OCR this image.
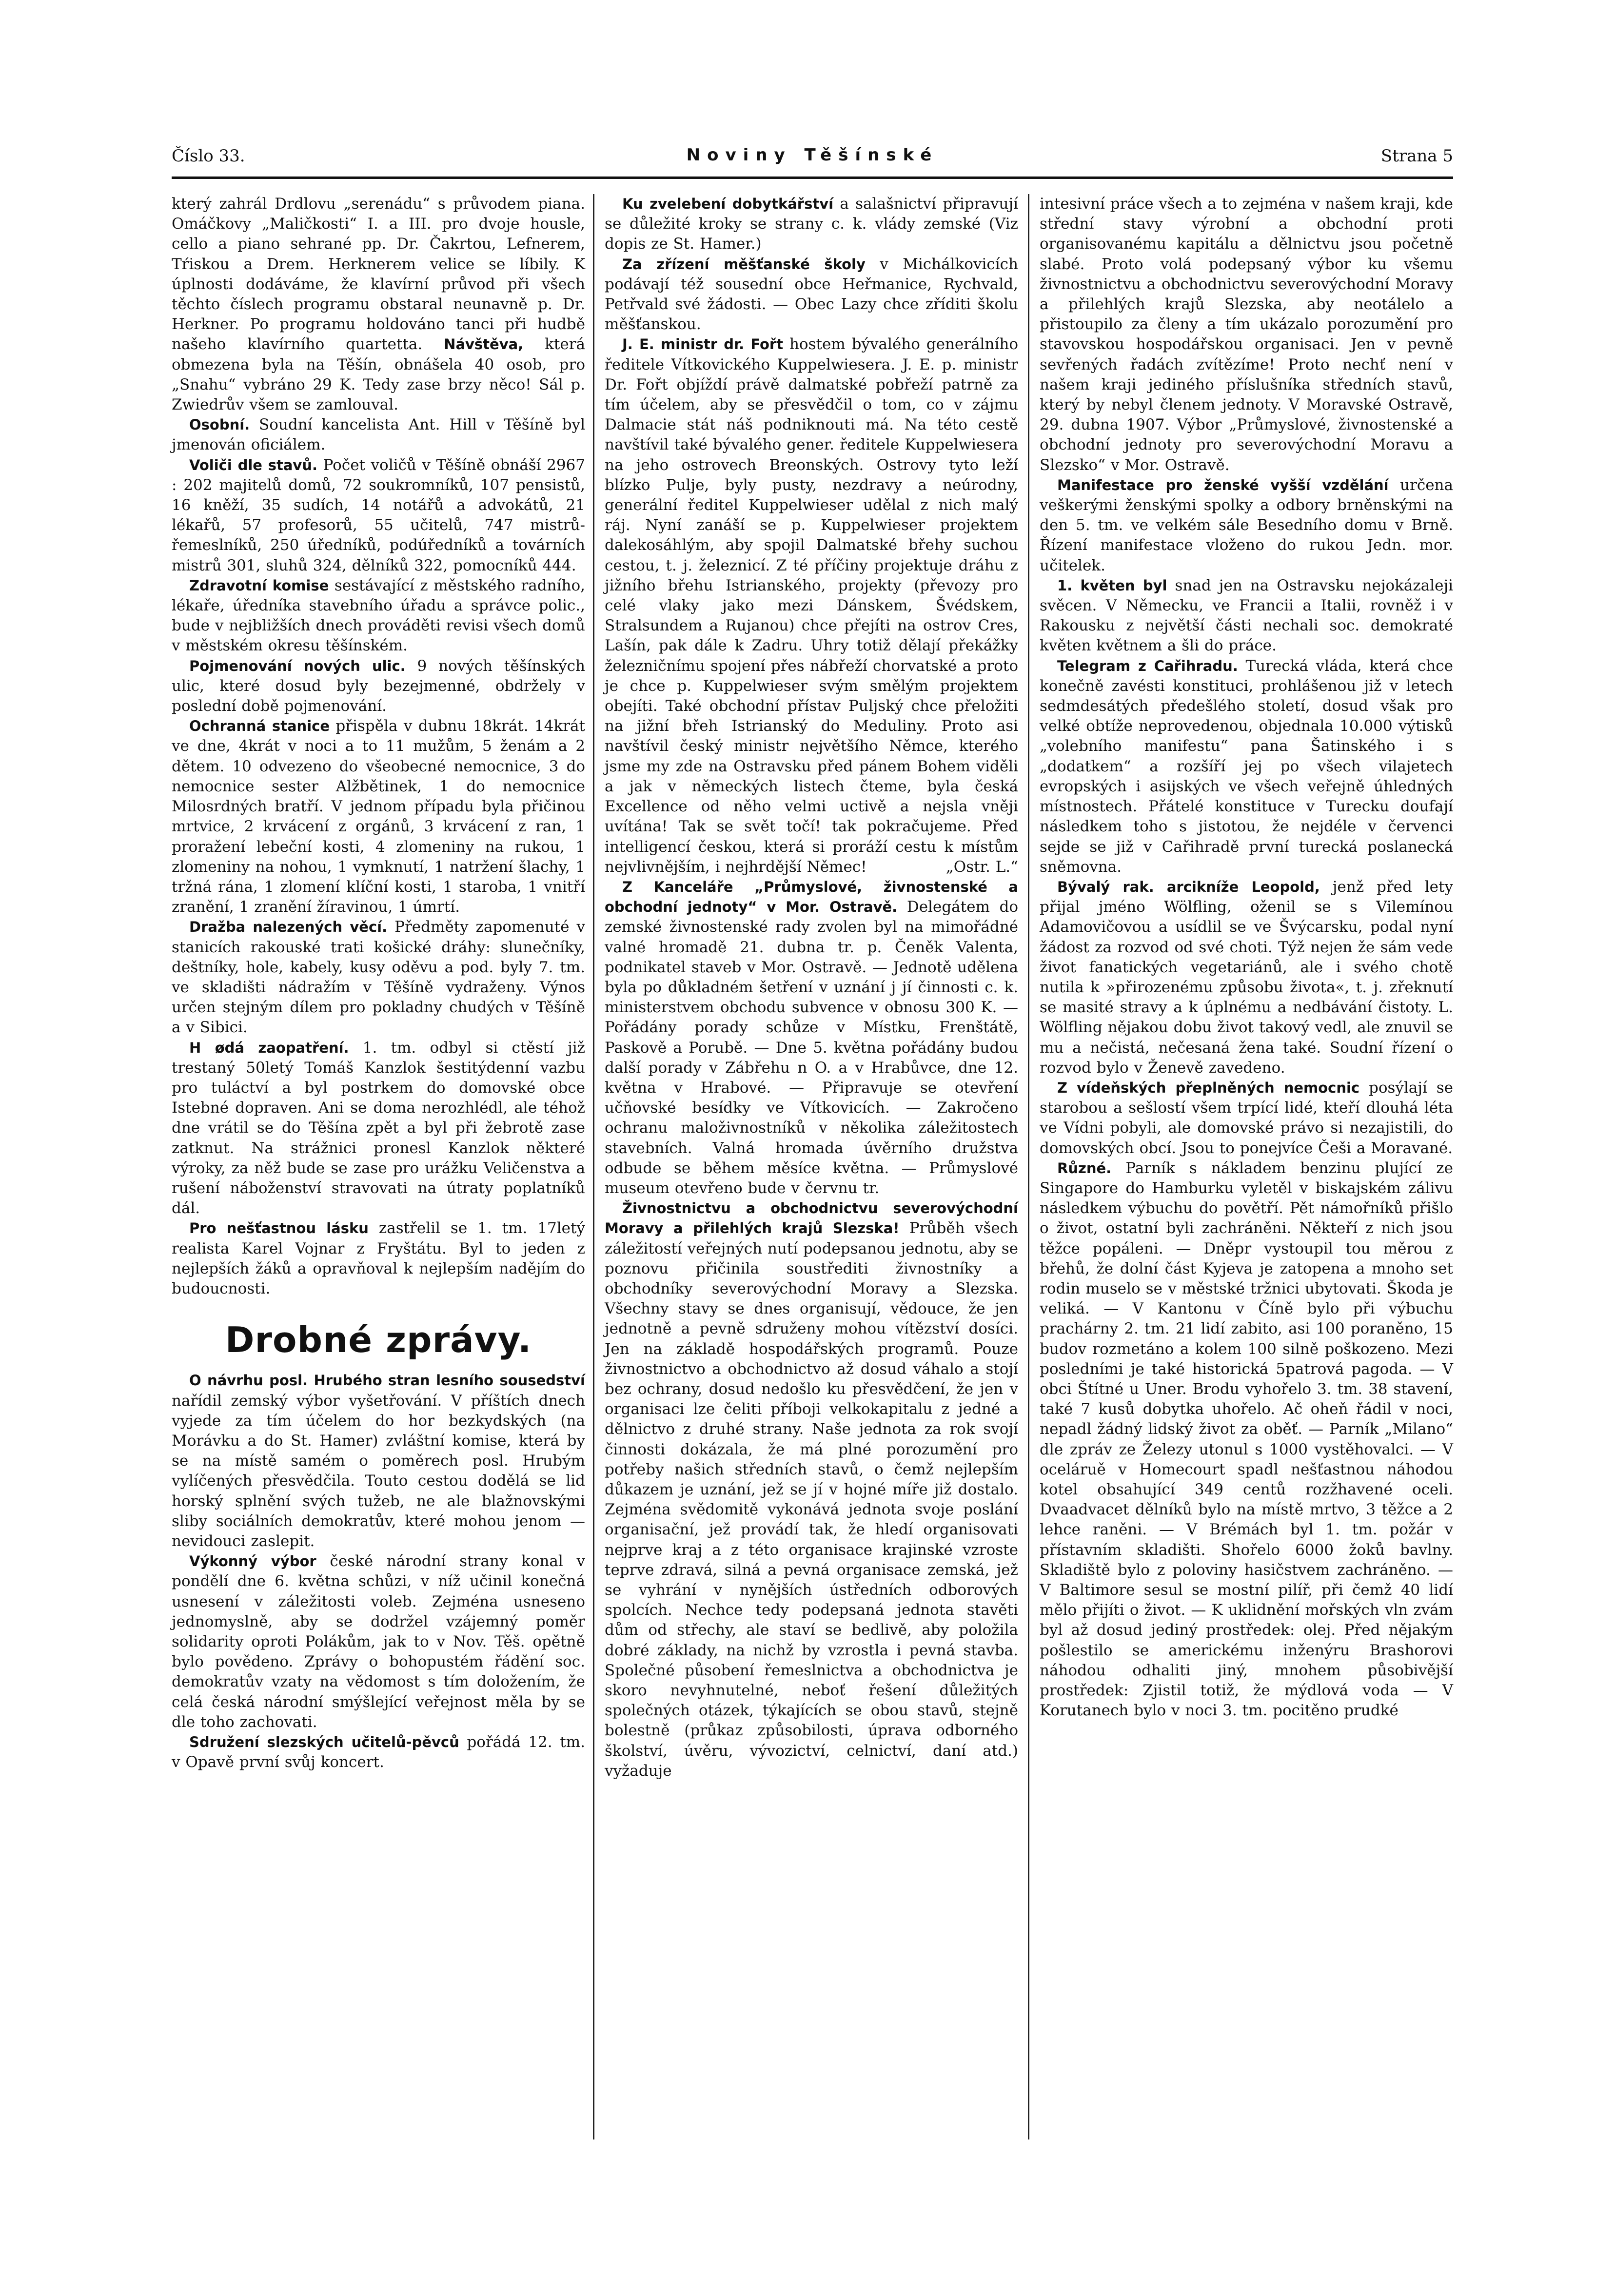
Číslo 33.	Noviny Těšínské	Strana 5

který zahrál Drdlovu „serenádu“ s průvodem piana. Omáčkovy „Maličkosti“ I. a III. pro dvoje housle, cello a piano sehrané pp. Dr. Čakrtou, Lefnerem, Tŕiskou a Drem. Herknerem velice se líbily. K úplnosti dodáváme, že klavírní průvod při všech těchto číslech programu obstaral neunavně p. Dr. Herkner. Po programu holdováno tanci při hudbě našeho klavírního quartetta. Návštěva, která obmezena byla na Těšín, obnášela 40 osob, pro „Snahu“ vybráno 29 K. Tedy zase brzy něco! Sál p. Zwiedrův všem se zamlouval.

Osobní. Soudní kancelista Ant. Hill v Těšíně byl jmenován oficiálem.

Voliči dle stavů. Počet voličů v Těšíně obnáší 2967 : 202 majitelů domů, 72 soukromníků, 107 pensistů, 16 kněží, 35 sudích, 14 notářů a advokátů, 21 lékařů, 57 profesorů, 55 učitelů, 747 mistrů-řemeslníků, 250 úředníků, podúředníků a továrních mistrů 301, sluhů 324, dělníků 322, pomocníků 444.

Zdravotní komise sestávající z městského radního, lékaře, úředníka stavebního úřadu a správce polic., bude v nejbližších dnech prováděti revisi všech domů v městském okresu těšínském.

Pojmenování nových ulic. 9 nových těšínských ulic, které dosud byly bezejmenné, obdržely v poslední době pojmenování.

Ochranná stanice přispěla v dubnu 18krát. 14krát ve dne, 4krát v noci a to 11 mužům, 5 ženám a 2 dětem. 10 odvezeno do všeobecné nemocnice, 3 do nemocnice sester Alžbětinek, 1 do nemocnice Milosrdných bratří. V jednom případu byla přičinou mrtvice, 2 krvácení z orgánů, 3 krvácení z ran, 1 proražení lebeční kosti, 4 zlomeniny na rukou, 1 zlomeniny na nohou, 1 vymknutí, 1 natržení šlachy, 1 tržná rána, 1 zlomení klíční kosti, 1 staroba, 1 vnitří zranění, 1 zranění žíravinou, 1 úmrtí.

Dražba nalezených věcí. Předměty zapomenuté v stanicích rakouské trati košické dráhy: slunečníky, deštníky, hole, kabely, kusy oděvu a pod. byly 7. tm. ve skladišti nádražím v Těšíně vydraženy. Výnos určen stejným dílem pro pokladny chudých v Těšíně a v Sibici.

H ødá zaopatření. 1. tm. odbyl si ctěstí již trestaný 50letý Tomáš Kanzlok šestitýdenní vazbu pro tuláctví a byl postrkem do domovské obce Istebné dopraven. Ani se doma nerozhlédl, ale téhož dne vrátil se do Těšína zpět a byl při žebrotě zase zatknut. Na strážnici pronesl Kanzlok některé výroky, za něž bude se zase pro urážku Veličenstva a rušení náboženství stravovati na útraty poplatníků dál.

Pro nešťastnou lásku zastřelil se 1. tm. 17letý realista Karel Vojnar z Fryštátu. Byl to jeden z nejlepších žáků a opravňoval k nejlepším nadějím do budoucnosti.

Drobné zprávy.

O návrhu posl. Hrubého stran lesního sousedství nařídil zemský výbor vyšetřování. V příštích dnech vyjede za tím účelem do hor bezkydských (na Morávku a do St. Hamer) zvláštní komise, která by se na místě samém o poměrech posl. Hrubým vylíčených přesvědčila. Touto cestou dodělá se lid horský splnění svých tužeb, ne ale blažnovskými sliby sociálních demokratův, které mohou jenom — nevidouci zaslepit.

Výkonný výbor české národní strany konal v pondělí dne 6. května schůzi, v níž učinil konečná usnesení v záležitosti voleb. Zejména usneseno jednomyslně, aby se dodržel vzájemný poměr solidarity oproti Polákům, jak to v Nov. Těš. opětně bylo povědeno. Zprávy o bohopustém řádění soc. demokratův vzaty na vědomost s tím doložením, že celá česká národní smýšlející veřejnost měla by se dle toho zachovati.

Sdružení slezských učitelů-pěvců pořádá 12. tm. v Opavě první svůj koncert.

Ku zvelebení dobytkářství a salašnictví připravují se důležité kroky se strany c. k. vlády zemské (Viz dopis ze St. Hamer.)

Za zřízení měšťanské školy v Michálkovicích podávají též sousední obce Heřmanice, Rychvald, Petřvald své žádosti. — Obec Lazy chce zříditi školu měšťanskou.

J. E. ministr dr. Fořt hostem bývalého generálního ředitele Vítkovického Kuppelwiesera. J. E. p. ministr Dr. Fořt objíždí právě dalmatské pobřeží patrně za tím účelem, aby se přesvědčil o tom, co v zájmu Dalmacie stát náš podniknouti má. Na této cestě navštívil také bývalého gener. ředitele Kuppelwiesera na jeho ostrovech Breonských. Ostrovy tyto leží blízko Pulje, byly pusty, nezdravy a neúrodny, generální ředitel Kuppelwieser udělal z nich malý ráj. Nyní zanáší se p. Kuppelwieser projektem dalekosáhlým, aby spojil Dalmatské břehy suchou cestou, t. j. železnicí. Z té příčiny projektuje dráhu z jižního břehu Istrianského, projekty (převozy pro celé vlaky jako mezi Dánskem, Švédskem, Stralsundem a Rujanou) chce přejíti na ostrov Cres, Lašín, pak dále k Zadru. Uhry totiž dělají překážky železničnímu spojení přes nábřeží chorvatské a proto je chce p. Kuppelwieser svým smělým projektem obejíti. Také obchodní přístav Puljský chce přeložiti na jižní břeh Istrianský do Meduliny. Proto asi navštívil český ministr největšího Němce, kterého jsme my zde na Ostravsku před pánem Bohem viděli a jak v německých listech čteme, byla česká Excellence od něho velmi uctivě a nejsla vněji uvítána! Tak se svět točí! tak pokračujeme. Před intelligencí českou, která si proráží cestu k místům nejvlivnějším, i nejhrdější Němec!	„Ostr. L.“

Z Kanceláře „Průmyslové, živnostenské a obchodní jednoty“ v Mor. Ostravě. Delegátem do zemské živnostenské rady zvolen byl na mimořádné valné hromadě 21. dubna tr. p. Čeněk Valenta, podnikatel staveb v Mor. Ostravě. — Jednotě udělena byla po důkladném šetření v uznání j jí činnosti c. k. ministerstvem obchodu subvence v obnosu 300 K. — Pořádány porady schůze v Místku, Frenštátě, Paskově a Porubě. — Dne 5. května pořádány budou další porady v Zábřehu n O. a v Hrabůvce, dne 12. května v Hrabové. — Připravuje se otevření učňovské besídky ve Vítkovicích. — Zakročeno ochranu maloživnostníků v několika záležitostech stavebních. Valná hromada úvěrního družstva odbude se během měsíce května. — Průmyslové museum otevřeno bude v červnu tr.

Živnostnictvu a obchodnictvu severovýchodní Moravy a přilehlých krajů Slezska! Průběh všech záležitostí veřejných nutí podepsanou jednotu, aby se poznovu přičinila soustřediti živnostníky a obchodníky severovýchodní Moravy a Slezska. Všechny stavy se dnes organisují, vědouce, že jen jednotně a pevně sdruženy mohou vítězství dosíci. Jen na základě hospodářských programů. Pouze živnostnictvo a obchodnictvo až dosud váhalo a stojí bez ochrany, dosud nedošlo ku přesvědčení, že jen v organisaci lze čeliti příboji velkokapitalu z jedné a dělnictvo z druhé strany. Naše jednota za rok svojí činnosti dokázala, že má plné porozumění pro potřeby našich středních stavů, o čemž nejlepším důkazem je uznání, jež se jí v hojné míře již dostalo. Zejména svědomitě vykonává jednota svoje poslání organisační, jež provádí tak, že hledí organisovati nejprve kraj a z této organisace krajinské vzroste teprve zdravá, silná a pevná organisace zemská, jež se vyhrání v nynějších ústředních odborových spolcích. Nechce tedy podepsaná jednota stavěti dům od střechy, ale staví se bedlivě, aby položila dobré základy, na nichž by vzrostla i pevná stavba. Společné působení řemeslnictva a obchodnictva je skoro nevyhnutelné, neboť řešení důležitých společných otázek, týkajících se obou stavů, stejně bolestně (průkaz způsobilosti, úprava odborného školství, úvěru, vývozictví, celnictví, daní atd.) vyžaduje

intesivní práce všech a to zejména v našem kraji, kde střední stavy výrobní a obchodní proti organisovanému kapitálu a dělnictvu jsou početně slabé. Proto volá podepsaný výbor ku všemu živnostnictvu a obchodnictvu severovýchodní Moravy a přilehlých krajů Slezska, aby neotálelo a přistoupilo za členy a tím ukázalo porozumění pro stavovskou hospodářskou organisaci. Jen v pevně sevřených řadách zvítězíme! Proto nechť není v našem kraji jediného příslušníka středních stavů, který by nebyl členem jednoty. V Moravské Ostravě, 29. dubna 1907. Výbor „Průmyslové, živnostenské a obchodní jednoty pro severovýchodní Moravu a Slezsko“ v Mor. Ostravě.

Manifestace pro ženské vyšší vzdělání určena veškerými ženskými spolky a odbory brněnskými na den 5. tm. ve velkém sále Besedního domu v Brně. Řízení manifestace vloženo do rukou Jedn. mor. učitelek.

1. květen byl snad jen na Ostravsku nejokázaleji svěcen. V Německu, ve Francii a Italii, rovněž i v Rakousku z největší části nechali soc. demokraté květen květnem a šli do práce.

Telegram z Cařihradu. Turecká vláda, která chce konečně zavésti konstituci, prohlášenou již v letech sedmdesátých předešlého století, dosud však pro velké obtíže neprovedenou, objednala 10.000 výtisků „volebního manifestu“ pana Šatinského i s „dodatkem“ a rozšíří jej po všech vilajetech evropských i asijských ve všech veřejně úhledných místnostech. Přátelé konstituce v Turecku doufají následkem toho s jistotou, že nejdéle v červenci sejde se již v Cařihradě první turecká poslanecká sněmovna.

Bývalý rak. arcikníže Leopold, jenž před lety přijal jméno Wölfling, oženil se s Vilemínou Adamovičovou a usídlil se ve Švýcarsku, podal nyní žádost za rozvod od své choti. Týž nejen že sám vede život fanatických vegetariánů, ale i svého chotě nutila k »přirozenému způsobu života«, t. j. zřeknutí se masité stravy a k úplnému a nedbávání čistoty. L. Wölfling nějakou dobu život takový vedl, ale znuvil se mu a nečistá, nečesaná žena také. Soudní řízení o rozvod bylo v Ženevě zavedeno.

Z vídeňských přeplněných nemocnic posýlají se starobou a sešlostí všem trpící lidé, kteří dlouhá léta ve Vídni pobyli, ale domovské právo si nezajistili, do domovských obcí. Jsou to ponejvíce Češi a Moravané.

Různé. Parník s nákladem benzinu plující ze Singapore do Hamburku vyletěl v biskajském zálivu následkem výbuchu do povětří. Pět námořníků přišlo o život, ostatní byli zachráněni. Někteří z nich jsou těžce popáleni. — Dněpr vystoupil tou měrou z břehů, že dolní část Kyjeva je zatopena a mnoho set rodin muselo se v městské tržnici ubytovati. Škoda je veliká. — V Kantonu v Číně bylo při výbuchu prachárny 2. tm. 21 lidí zabito, asi 100 poraněno, 15 budov rozmetáno a kolem 100 silně poškozeno. Mezi posledními je také historická 5patrová pagoda. — V obci Štítné u Uner. Brodu vyhořelo 3. tm. 38 stavení, také 7 kusů dobytka uhořelo. Ač oheň řádil v noci, nepadl žádný lidský život za oběť. — Parník „Milano“ dle zpráv ze Železy utonul s 1000 vystěhovalci. — V oceláruě v Homecourt spadl nešťastnou náhodou kotel obsahující 349 centů rozžhavené oceli. Dvaadvacet dělníků bylo na místě mrtvo, 3 těžce a 2 lehce raněni. — V Brémách byl 1. tm. požár v přístavním skladišti. Shořelo 6000 žoků bavlny. Skladiště bylo z poloviny hasičstvem zachráněno. — V Baltimore sesul se mostní pilíř, při čemž 40 lidí mělo přijíti o život. — K uklidnění mořských vln zvám byl až dosud jediný prostředek: olej. Před nějakým pošlestilo se americkému inženýru Brashorovi náhodou odhaliti jiný, mnohem působivější prostředek: Zjistil totiž, že mýdlová voda — V Korutanech bylo v noci 3. tm. pocitěno prudké
